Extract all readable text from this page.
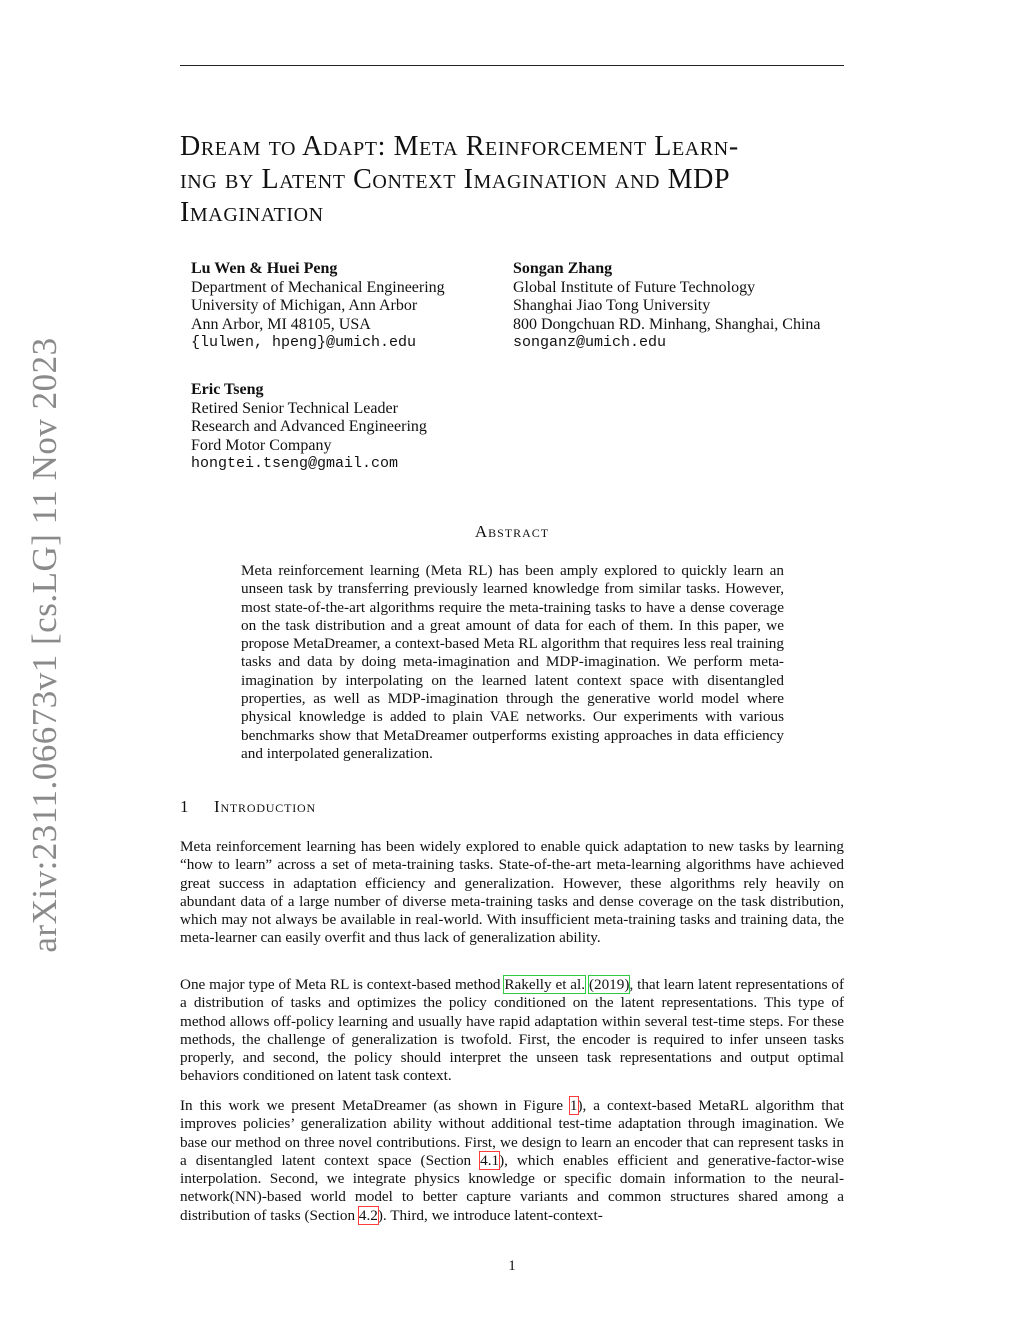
arXiv:2311.06673v1 [cs.LG] 11 Nov 2023
Dream to Adapt: Meta Reinforcement Learn-
ing by Latent Context Imagination and MDP
Imagination
Lu Wen & Huei Peng
Department of Mechanical Engineering
University of Michigan, Ann Arbor
Ann Arbor, MI 48105, USA
{lulwen, hpeng}@umich.edu
Songan Zhang
Global Institute of Future Technology
Shanghai Jiao Tong University
800 Dongchuan RD. Minhang, Shanghai, China
songanz@umich.edu
Eric Tseng
Retired Senior Technical Leader
Research and Advanced Engineering
Ford Motor Company
hongtei.tseng@gmail.com
Abstract
Meta reinforcement learning (Meta RL) has been amply explored to quickly learn an unseen task by transferring previously learned knowledge from similar tasks. However, most state-of-the-art algorithms require the meta-training tasks to have a dense coverage on the task distribution and a great amount of data for each of them. In this paper, we propose MetaDreamer, a context-based Meta RL algorithm that requires less real training tasks and data by doing meta-imagination and MDP-imagination. We perform meta-imagination by interpolating on the learned latent context space with disentangled properties, as well as MDP-imagination through the generative world model where physical knowledge is added to plain VAE networks. Our experiments with various benchmarks show that MetaDreamer outperforms existing approaches in data efficiency and interpolated generalization.
1 Introduction
Meta reinforcement learning has been widely explored to enable quick adaptation to new tasks by learning “how to learn” across a set of meta-training tasks. State-of-the-art meta-learning algorithms have achieved great success in adaptation efficiency and generalization. However, these algorithms rely heavily on abundant data of a large number of diverse meta-training tasks and dense coverage on the task distribution, which may not always be available in real-world. With insufficient meta-training tasks and training data, the meta-learner can easily overfit and thus lack of generalization ability.
One major type of Meta RL is context-based method Rakelly et al. (2019), that learn latent representations of a distribution of tasks and optimizes the policy conditioned on the latent representations. This type of method allows off-policy learning and usually have rapid adaptation within several test-time steps. For these methods, the challenge of generalization is twofold. First, the encoder is required to infer unseen tasks properly, and second, the policy should interpret the unseen task representations and output optimal behaviors conditioned on latent task context.
In this work we present MetaDreamer (as shown in Figure 1), a context-based MetaRL algorithm that improves policies’ generalization ability without additional test-time adaptation through imagination. We base our method on three novel contributions. First, we design to learn an encoder that can represent tasks in a disentangled latent context space (Section 4.1), which enables efficient and generative-factor-wise interpolation. Second, we integrate physics knowledge or specific domain information to the neural-network(NN)-based world model to better capture variants and common structures shared among a distribution of tasks (Section 4.2). Third, we introduce latent-context-
1
